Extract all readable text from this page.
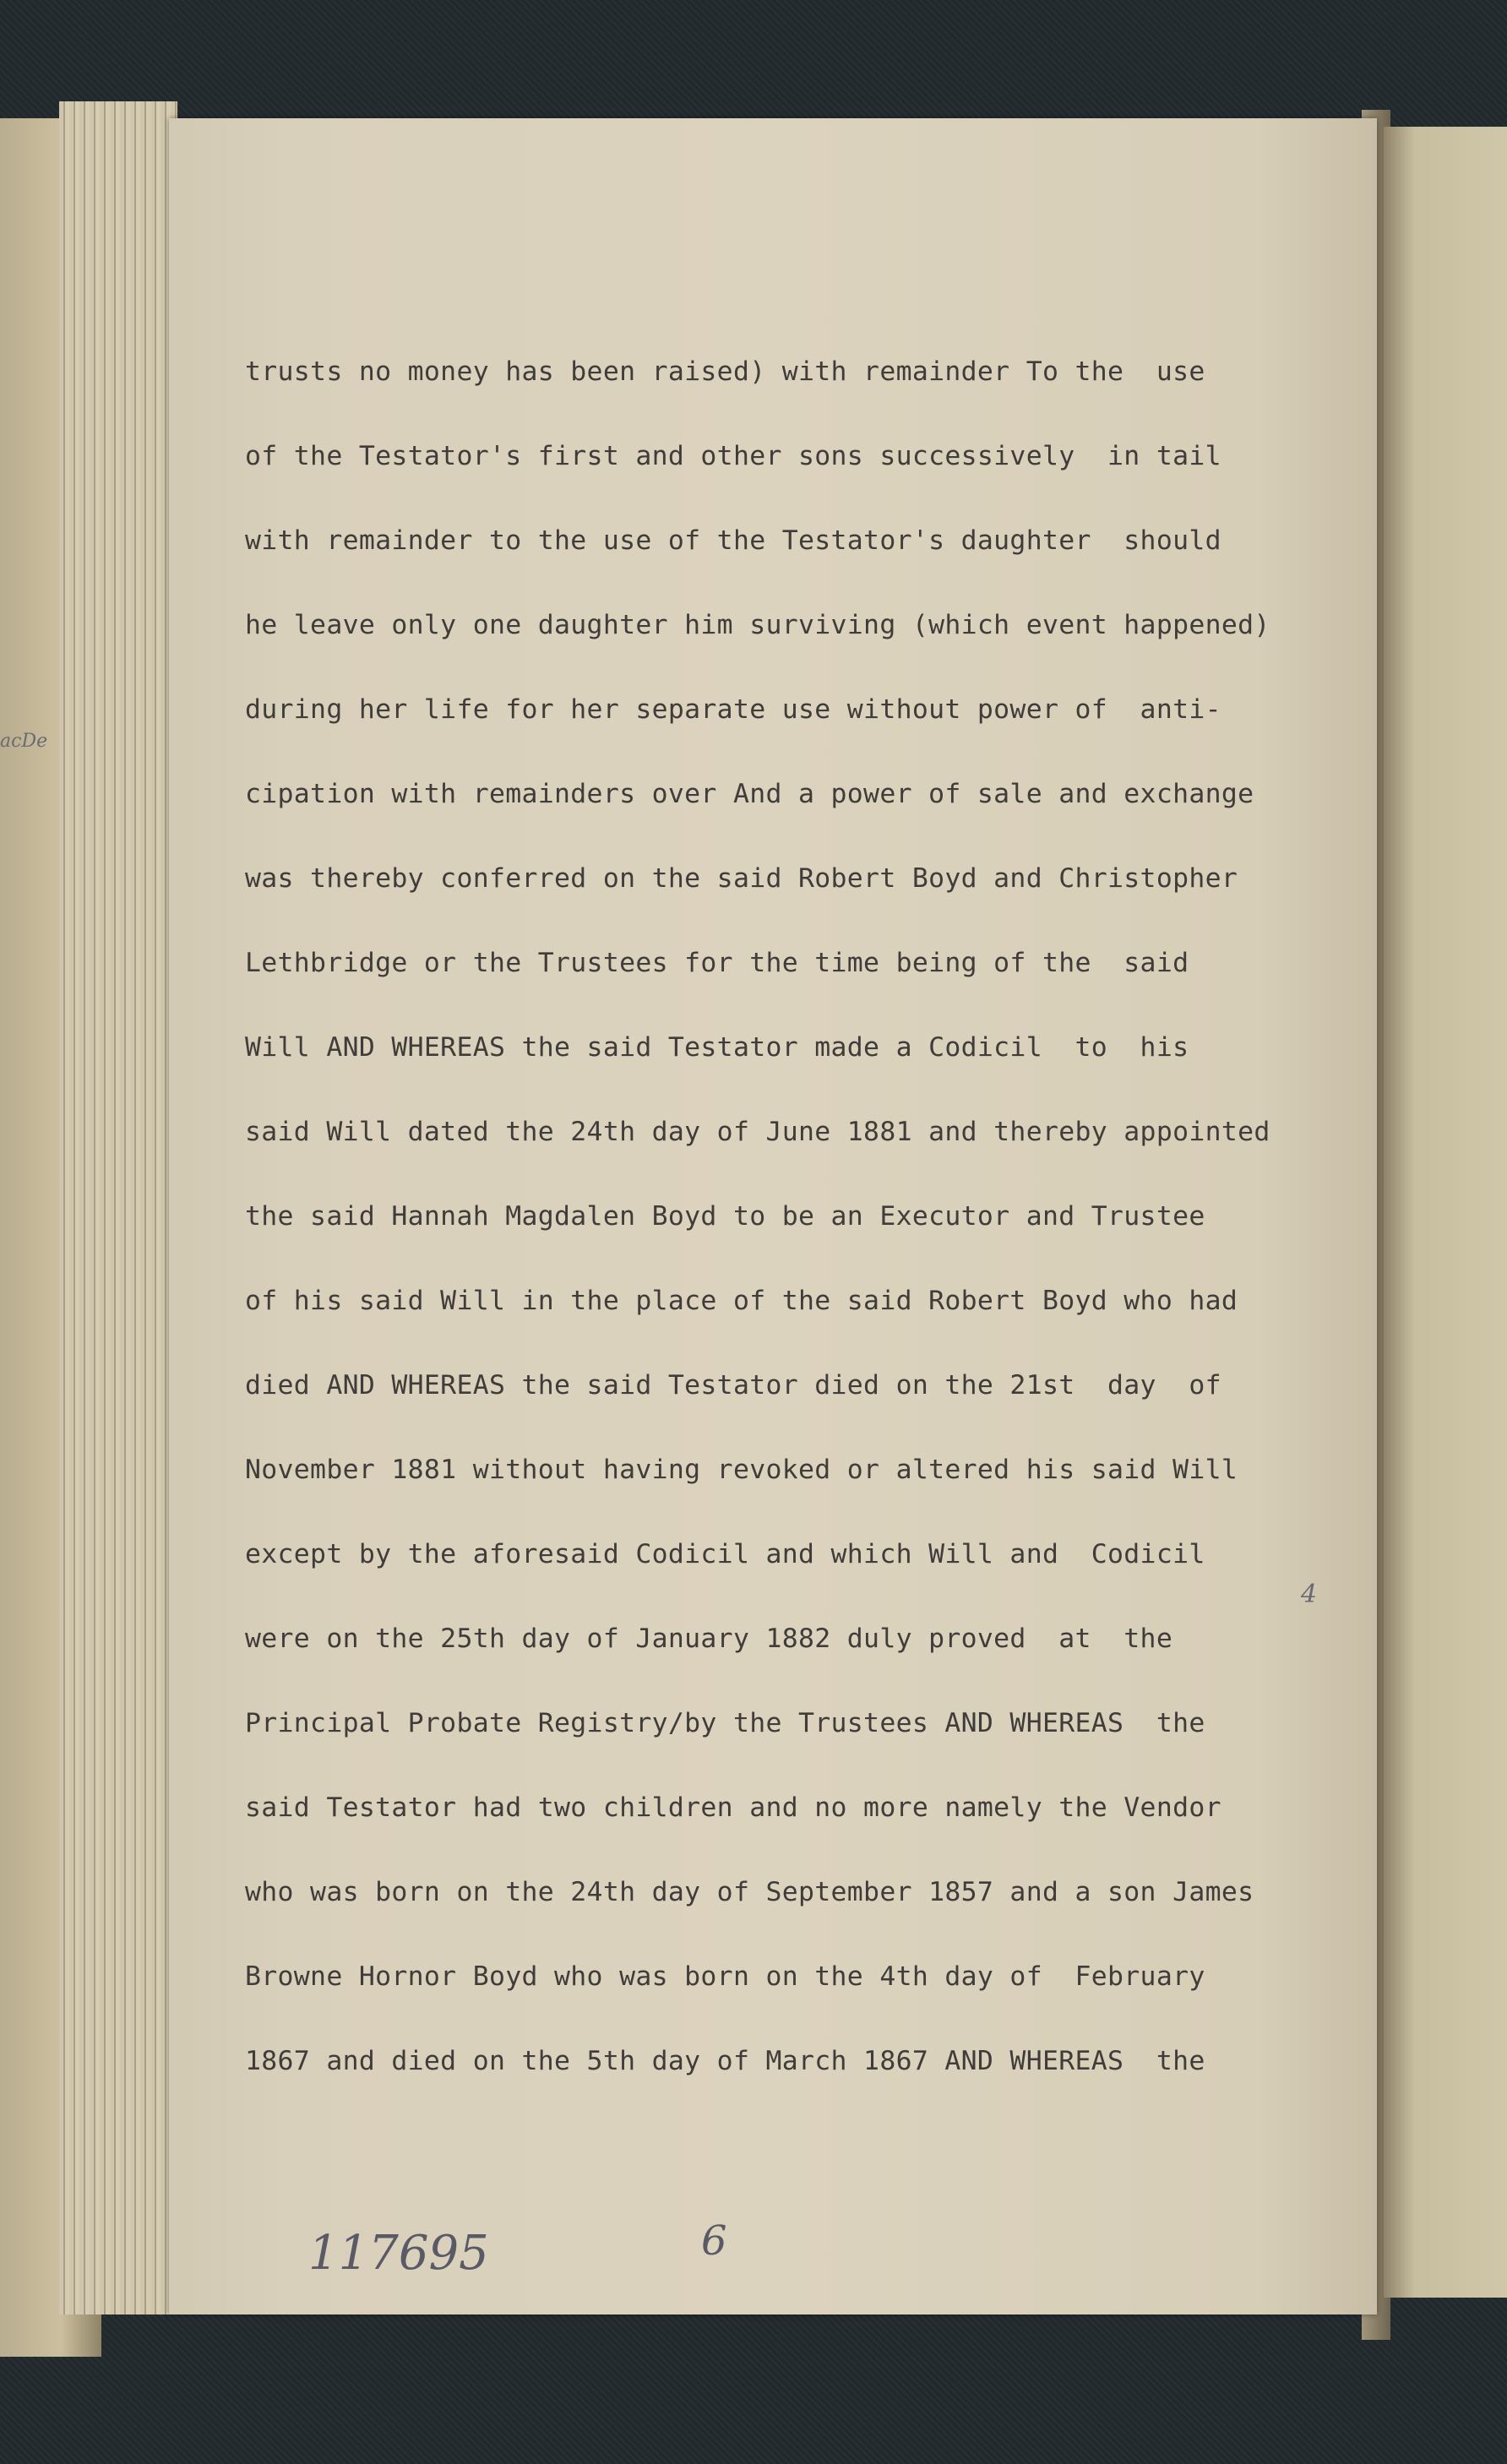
acDe
trusts no money has been raised) with remainder To the  use
of the Testator's first and other sons successively  in tail
with remainder to the use of the Testator's daughter  should
he leave only one daughter him surviving (which event happened)
during her life for her separate use without power of  anti-
cipation with remainders over And a power of sale and exchange
was thereby conferred on the said Robert Boyd and Christopher
Lethbridge or the Trustees for the time being of the  said
Will AND WHEREAS the said Testator made a Codicil  to  his
said Will dated the 24th day of June 1881 and thereby appointed
the said Hannah Magdalen Boyd to be an Executor and Trustee
of his said Will in the place of the said Robert Boyd who had
died AND WHEREAS the said Testator died on the 21st  day  of
November 1881 without having revoked or altered his said Will
except by the aforesaid Codicil and which Will and  Codicil
were on the 25th day of January 1882 duly proved  at  the
Principal Probate Registry/by the Trustees AND WHEREAS  the
said Testator had two children and no more namely the Vendor
who was born on the 24th day of September 1857 and a son James
Browne Hornor Boyd who was born on the 4th day of  February
1867 and died on the 5th day of March 1867 AND WHEREAS  the
4
117695	6
